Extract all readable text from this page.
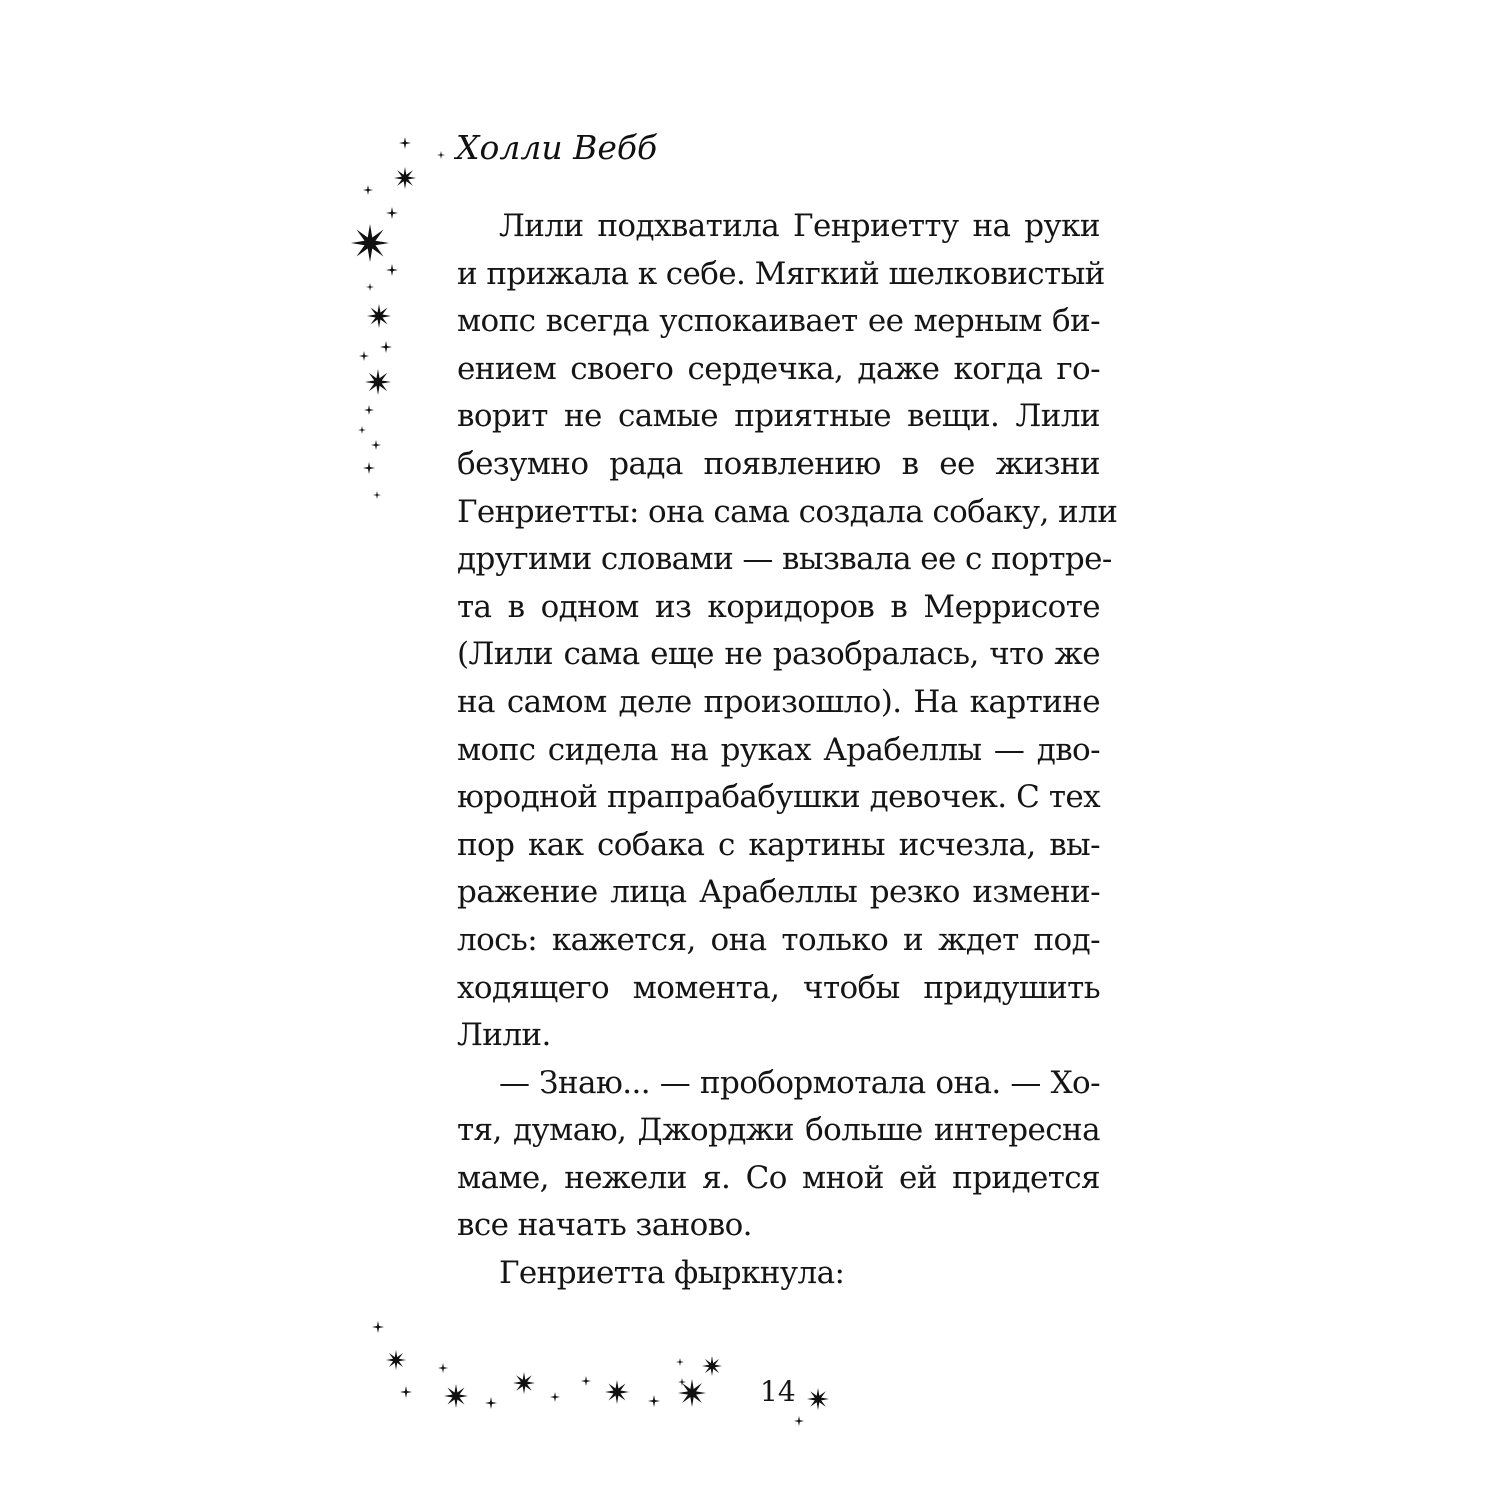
Холли Вебб
Лили подхватила Генриетту на руки
и прижала к себе. Мягкий шелковистый
мопс всегда успокаивает ее мерным би-
ением своего сердечка, даже когда го-
ворит не самые приятные вещи. Лили
безумно рада появлению в ее жизни
Генриетты: она сама создала собаку, или
другими словами — вызвала ее с портре-
та в одном из коридоров в Меррисоте
(Лили сама еще не разобралась, что же
на самом деле произошло). На картине
мопс сидела на руках Арабеллы — дво-
юродной прапрабабушки девочек. С тех
пор как собака с картины исчезла, вы-
ражение лица Арабеллы резко измени-
лось: кажется, она только и ждет под-
ходящего момента, чтобы придушить
Лили.
— Знаю... — пробормотала она. — Хо-
тя, думаю, Джорджи больше интересна
маме, нежели я. Со мной ей придется
все начать заново.
Генриетта фыркнула:
14
